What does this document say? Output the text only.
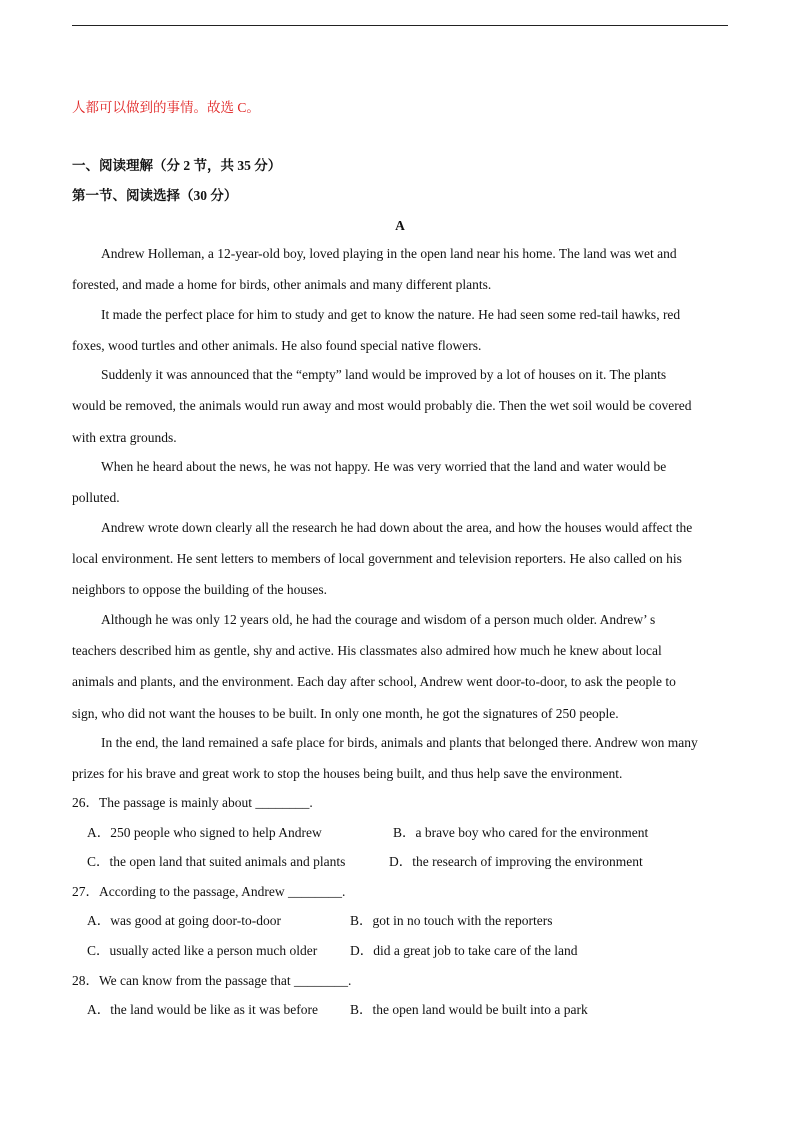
人都可以做到的事情。故选 C。
一、阅读理解（分 2 节，共 35 分）
第一节、阅读选择（30 分）
A
Andrew Holleman, a 12-year-old boy, loved playing in the open land near his home. The land was wet and
forested, and made a home for birds, other animals and many different plants.
It made the perfect place for him to study and get to know the nature. He had seen some red-tail hawks, red
foxes, wood turtles and other animals. He also found special native flowers.
Suddenly it was announced that the “empty” land would be improved by a lot of houses on it. The plants
would be removed, the animals would run away and most would probably die. Then the wet soil would be covered
with extra grounds.
When he heard about the news, he was not happy. He was very worried that the land and water would be
polluted.
Andrew wrote down clearly all the research he had down about the area, and how the houses would affect the
local environment. He sent letters to members of local government and television reporters. He also called on his
neighbors to oppose the building of the houses.
Although he was only 12 years old, he had the courage and wisdom of a person much older. Andrew’ s
teachers described him as gentle, shy and active. His classmates also admired how much he knew about local
animals and plants, and the environment. Each day after school, Andrew went door-to-door, to ask the people to
sign, who did not want the houses to be built. In only one month, he got the signatures of 250 people.
In the end, the land remained a safe place for birds, animals and plants that belonged there. Andrew won many
prizes for his brave and great work to stop the houses being built, and thus help save the environment.
26．The passage is mainly about ________.
A．250 people who signed to help Andrew	B．a brave boy who cared for the environment
C．the open land that suited animals and plants	D．the research of improving the environment
27．According to the passage, Andrew ________.
A．was good at going door-to-door	B．got in no touch with the reporters
C．usually acted like a person much older D．did a great job to take care of the land
28．We can know from the passage that ________.
A．the land would be like as it was before B．the open land would be built into a park
